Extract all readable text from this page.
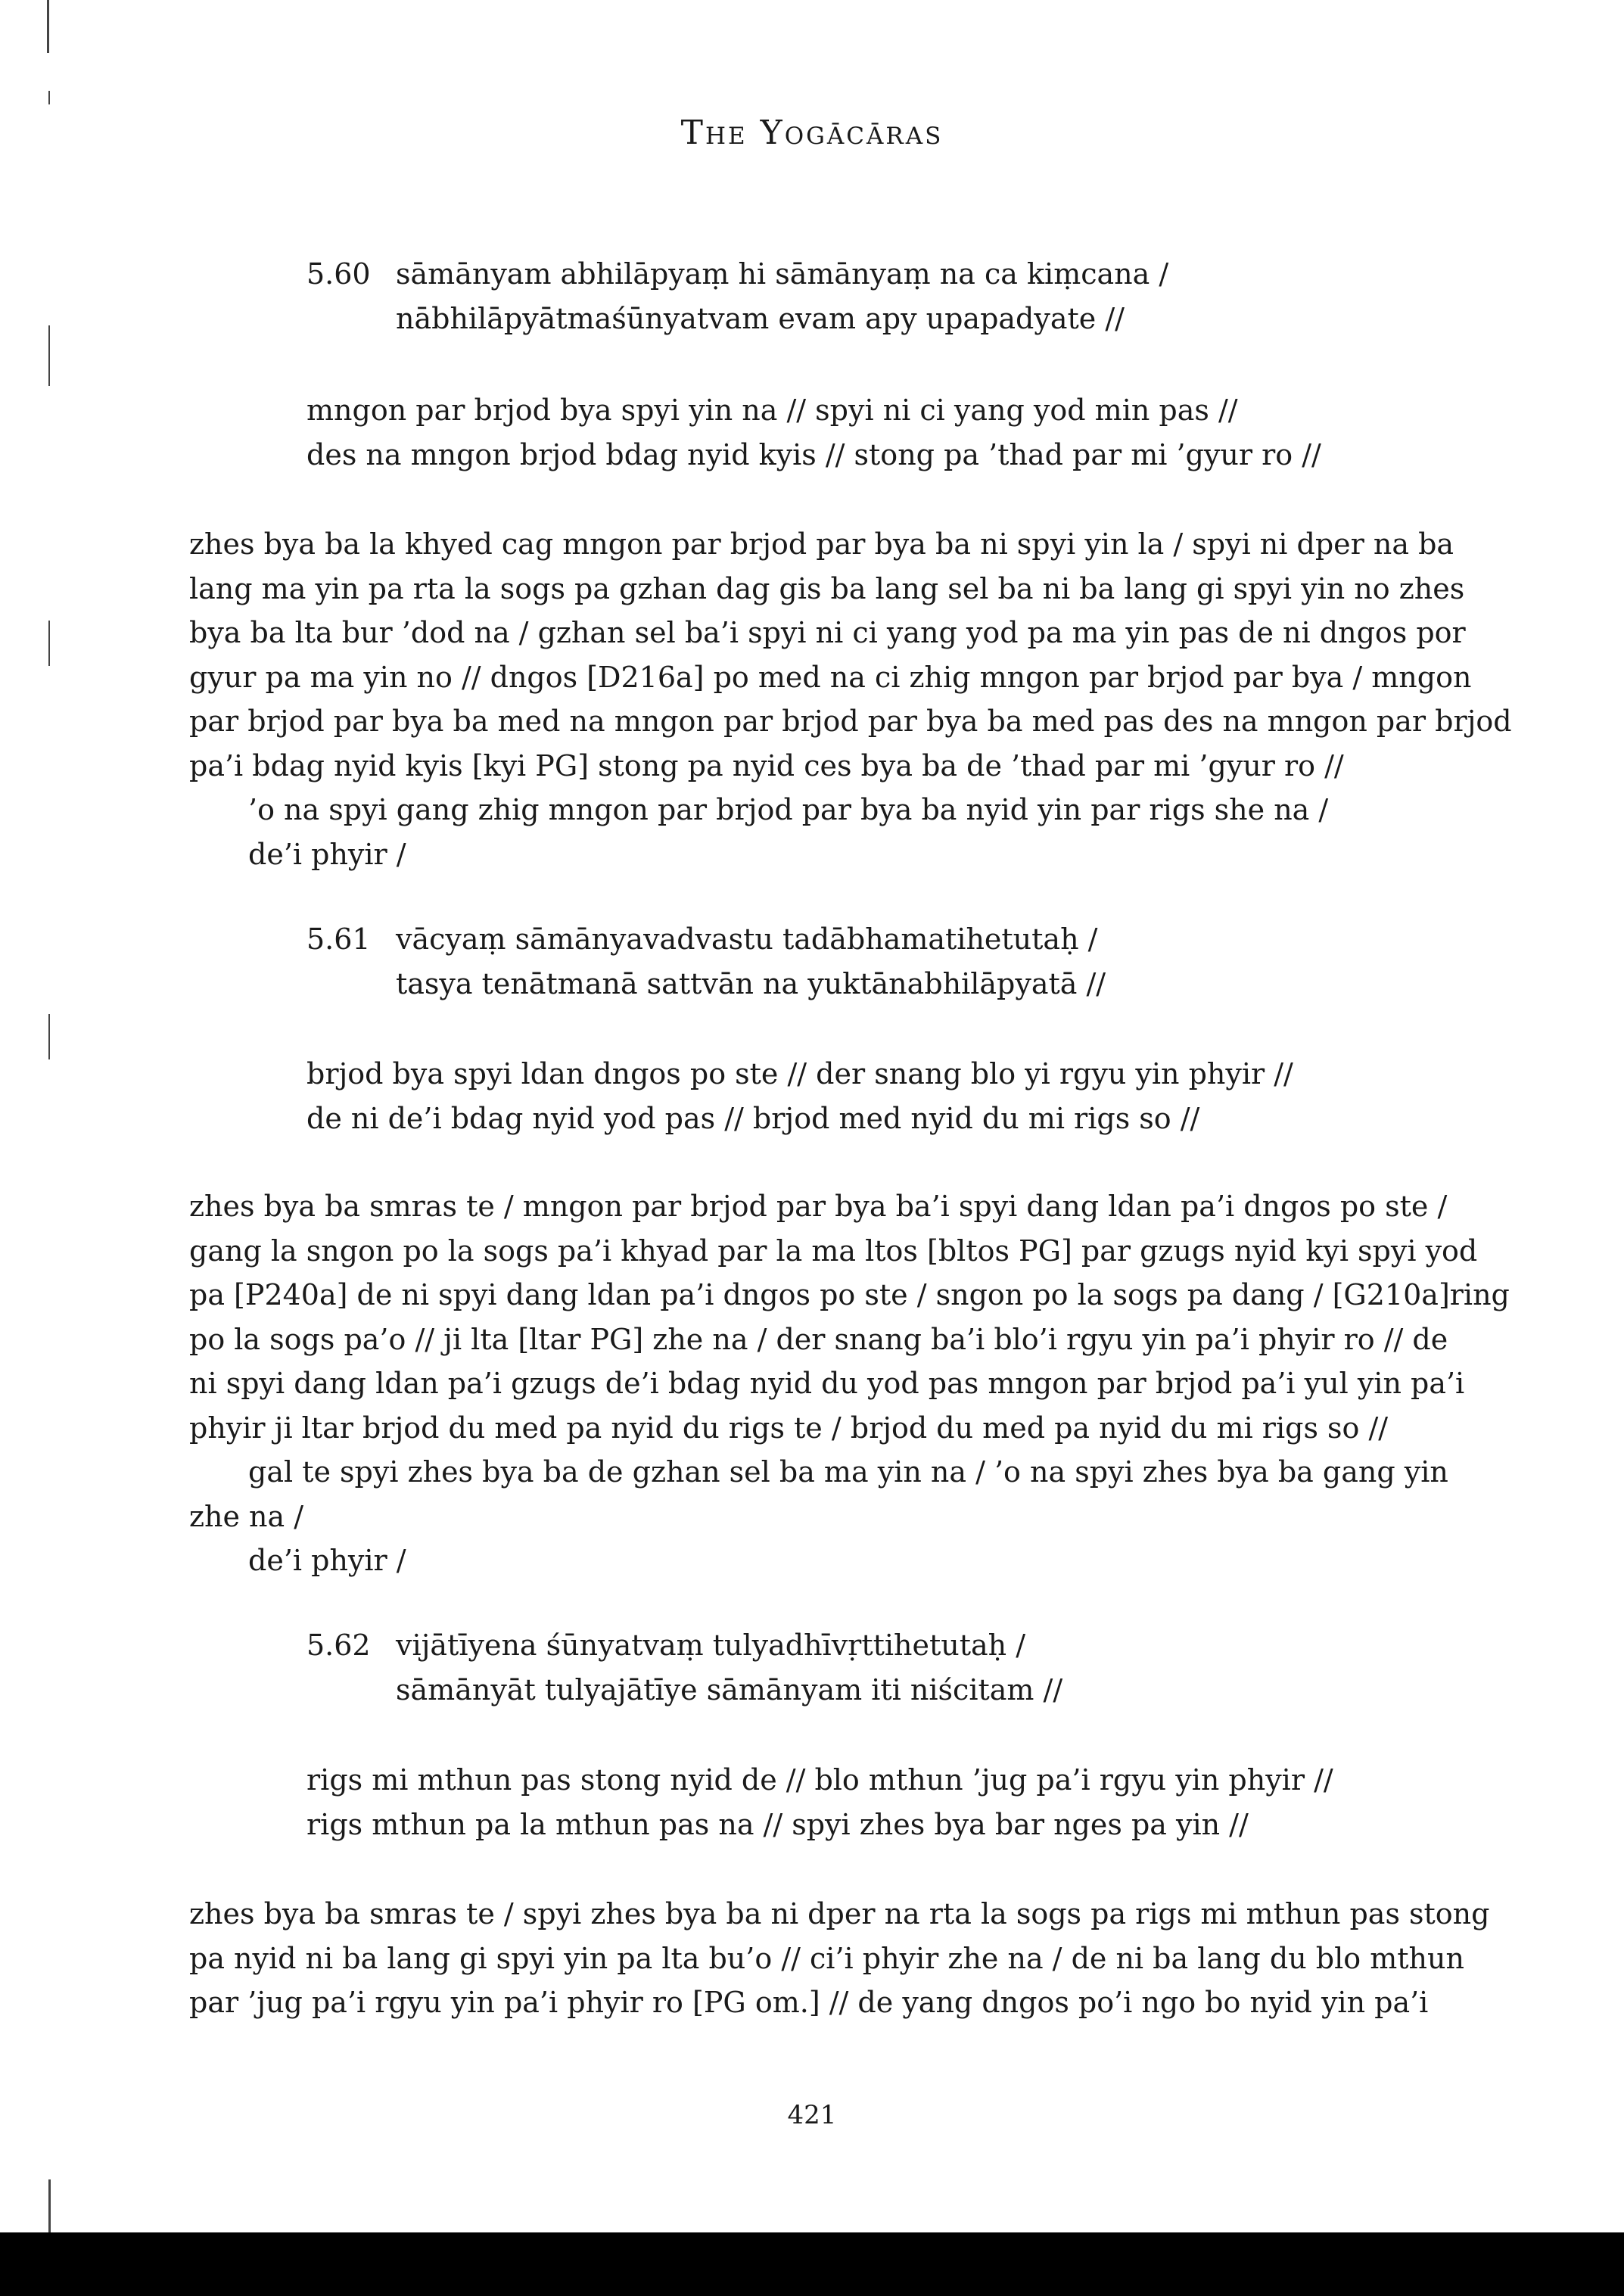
The Yogācāras
5.60 sāmānyam abhilāpyaṃ hi sāmānyaṃ na ca kiṃcana /
nābhilāpyātmaśūnyatvam evam apy upapadyate //
mngon par brjod bya spyi yin na // spyi ni ci yang yod min pas //
des na mngon brjod bdag nyid kyis // stong pa ’thad par mi ’gyur ro //
zhes bya ba la khyed cag mngon par brjod par bya ba ni spyi yin la / spyi ni dper na ba
lang ma yin pa rta la sogs pa gzhan dag gis ba lang sel ba ni ba lang gi spyi yin no zhes
bya ba lta bur ’dod na / gzhan sel ba’i spyi ni ci yang yod pa ma yin pas de ni dngos por
gyur pa ma yin no // dngos [D216a] po med na ci zhig mngon par brjod par bya / mngon
par brjod par bya ba med na mngon par brjod par bya ba med pas des na mngon par brjod
pa’i bdag nyid kyis [kyi PG] stong pa nyid ces bya ba de ’thad par mi ’gyur ro //
’o na spyi gang zhig mngon par brjod par bya ba nyid yin par rigs she na /
de’i phyir /
5.61 vācyaṃ sāmānyavadvastu tadābhamatihetutaḥ /
tasya tenātmanā sattvān na yuktānabhilāpyatā //
brjod bya spyi ldan dngos po ste // der snang blo yi rgyu yin phyir //
de ni de’i bdag nyid yod pas // brjod med nyid du mi rigs so //
zhes bya ba smras te / mngon par brjod par bya ba’i spyi dang ldan pa’i dngos po ste /
gang la sngon po la sogs pa’i khyad par la ma ltos [bltos PG] par gzugs nyid kyi spyi yod
pa [P240a] de ni spyi dang ldan pa’i dngos po ste / sngon po la sogs pa dang / [G210a]ring
po la sogs pa’o // ji lta [ltar PG] zhe na / der snang ba’i blo’i rgyu yin pa’i phyir ro // de
ni spyi dang ldan pa’i gzugs de’i bdag nyid du yod pas mngon par brjod pa’i yul yin pa’i
phyir ji ltar brjod du med pa nyid du rigs te / brjod du med pa nyid du mi rigs so //
gal te spyi zhes bya ba de gzhan sel ba ma yin na / ’o na spyi zhes bya ba gang yin
zhe na /
de’i phyir /
5.62 vijātīyena śūnyatvaṃ tulyadhīvṛttihetutaḥ /
sāmānyāt tulyajātīye sāmānyam iti niścitam //
rigs mi mthun pas stong nyid de // blo mthun ’jug pa’i rgyu yin phyir //
rigs mthun pa la mthun pas na // spyi zhes bya bar nges pa yin //
zhes bya ba smras te / spyi zhes bya ba ni dper na rta la sogs pa rigs mi mthun pas stong
pa nyid ni ba lang gi spyi yin pa lta bu’o // ci’i phyir zhe na / de ni ba lang du blo mthun
par ’jug pa’i rgyu yin pa’i phyir ro [PG om.] // de yang dngos po’i ngo bo nyid yin pa’i
421
